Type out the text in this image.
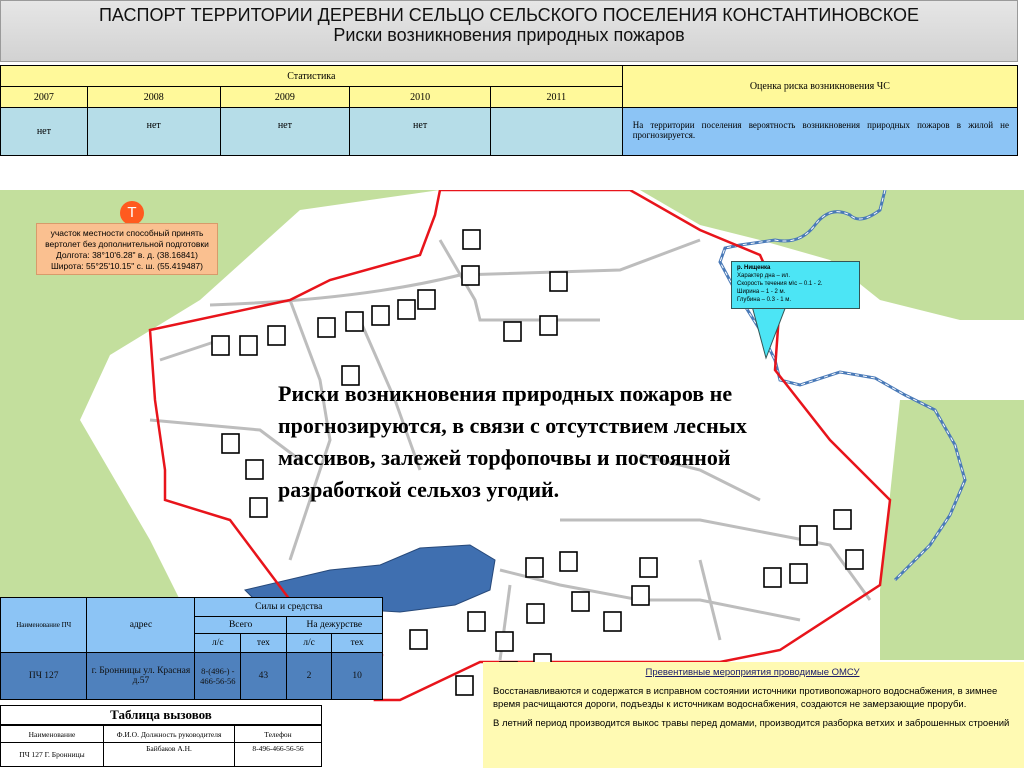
ПАСПОРТ ТЕРРИТОРИИ ДЕРЕВНИ СЕЛЬЦО СЕЛЬСКОГО ПОСЕЛЕНИЯ КОНСТАНТИНОВСКОЕ
Риски возникновения природных пожаров
Статистика					Оценка риска возникновения ЧС
2007	2008	2009	2010	2011	
нет	нет	нет	нет		На территории поселения вероятность возникновения природных пожаров в жилой не прогнозируется.
Т
участок местности способный принять
вертолет без дополнительной подготовки
Долгота: 38°10'6.28" в. д. (38.16841)
Широта: 55°25'10.15" с. ш. (55.419487)	р. Нищенка
Характер дна – ил.
Скорость течения м\с – 0.1 - 2.
Ширина – 1 - 2 м.
Глубина – 0.3 - 1 м.
Риски возникновения природных пожаров не прогнозируются, в связи с отсутствием лесных массивов, залежей торфопочвы и постоянной разработкой сельхоз угодий.
Наименование ПЧ	адрес	Силы и средства			
		Всего		На дежурстве	
		л/с	тех	л/с	тех
ПЧ 127	г. Бронницы ул. Красная д.57	8-(496-) - 466-56-56	43	2	10
Таблица вызовов
Наименование	Ф.И.О. Должность руководителя	Телефон
ПЧ 127 Г. Бронницы	Байбаков А.Н.	8-496-466-56-56
Превентивные мероприятия проводимые ОМСУ

Восстанавливаются и содержатся в исправном состоянии источники противопожарного водоснабжения, в зимнее время расчищаются дороги, подъезды к источникам водоснабжения, создаются не замерзающие проруби.

В летний период производится выкос травы перед домами, производится разборка ветхих и заброшенных строений
